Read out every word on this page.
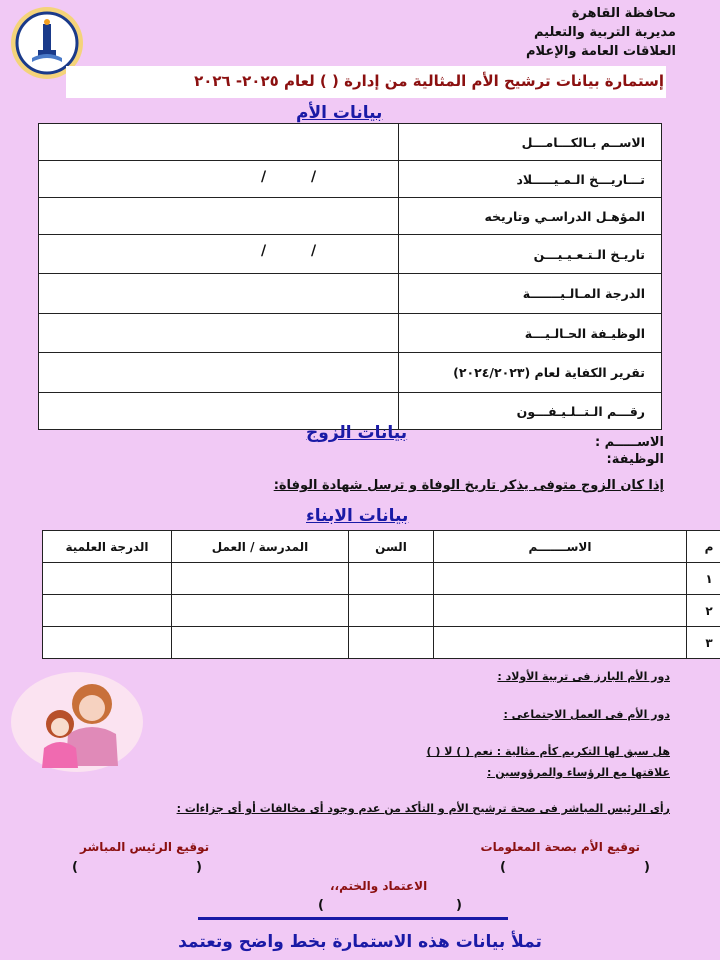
محافظة القاهرة
مديرية التربية والتعليم
العلاقات العامة والإعلام
إستمارة بيانات ترشيح الأم المثالية من إدارة ( ) لعام ٢٠٢٥- ٢٠٢٦
بيانات الأم
الاســم بـالكـــامـــل	
تـــاريـــخ الـمـيـــــلاد	/ /

المؤهـل الدراسـي وتاريخه	
تاريـخ الـتـعـيـيـــن	/ /

الدرجة المـالـيـــــــة	
الوظيـفة الحـالـيـــة	
تقرير الكفاية لعام (٢٠٢٤/٢٠٢٣)	
رقـــم الـتــلـيـفـــون	
بيانات الزوج	الاســـــم :
الوظيفة:
إذا كان الزوج متوفى يذكر تاريخ الوفاة و ترسل شهادة الوفاة:
بيانات الابناء
م	الاســـــــم	السن	المدرسة / العمل	الدرجة العلمية
١				
٢				
٣				
دور الأم البارز فى تربية الأولاد :
دور الأم فى العمل الاجتماعى :
هل سبق لها التكريم كأم مثالية : نعم ( ) لا ( )
علاقتها مع الرؤساء والمرؤوسين :
رأى الرئيس المباشر فى صحة ترشيح الأم و التأكد من عدم وجود أى مخالفات أو أى جزاءات :
توقيع الأم بصحة المعلومات
(
)
توقيع الرئيس المباشر
(
)
الاعتماد والختم،،
(
)
تملأ بيانات هذه الاستمارة بخط واضح وتعتمد
